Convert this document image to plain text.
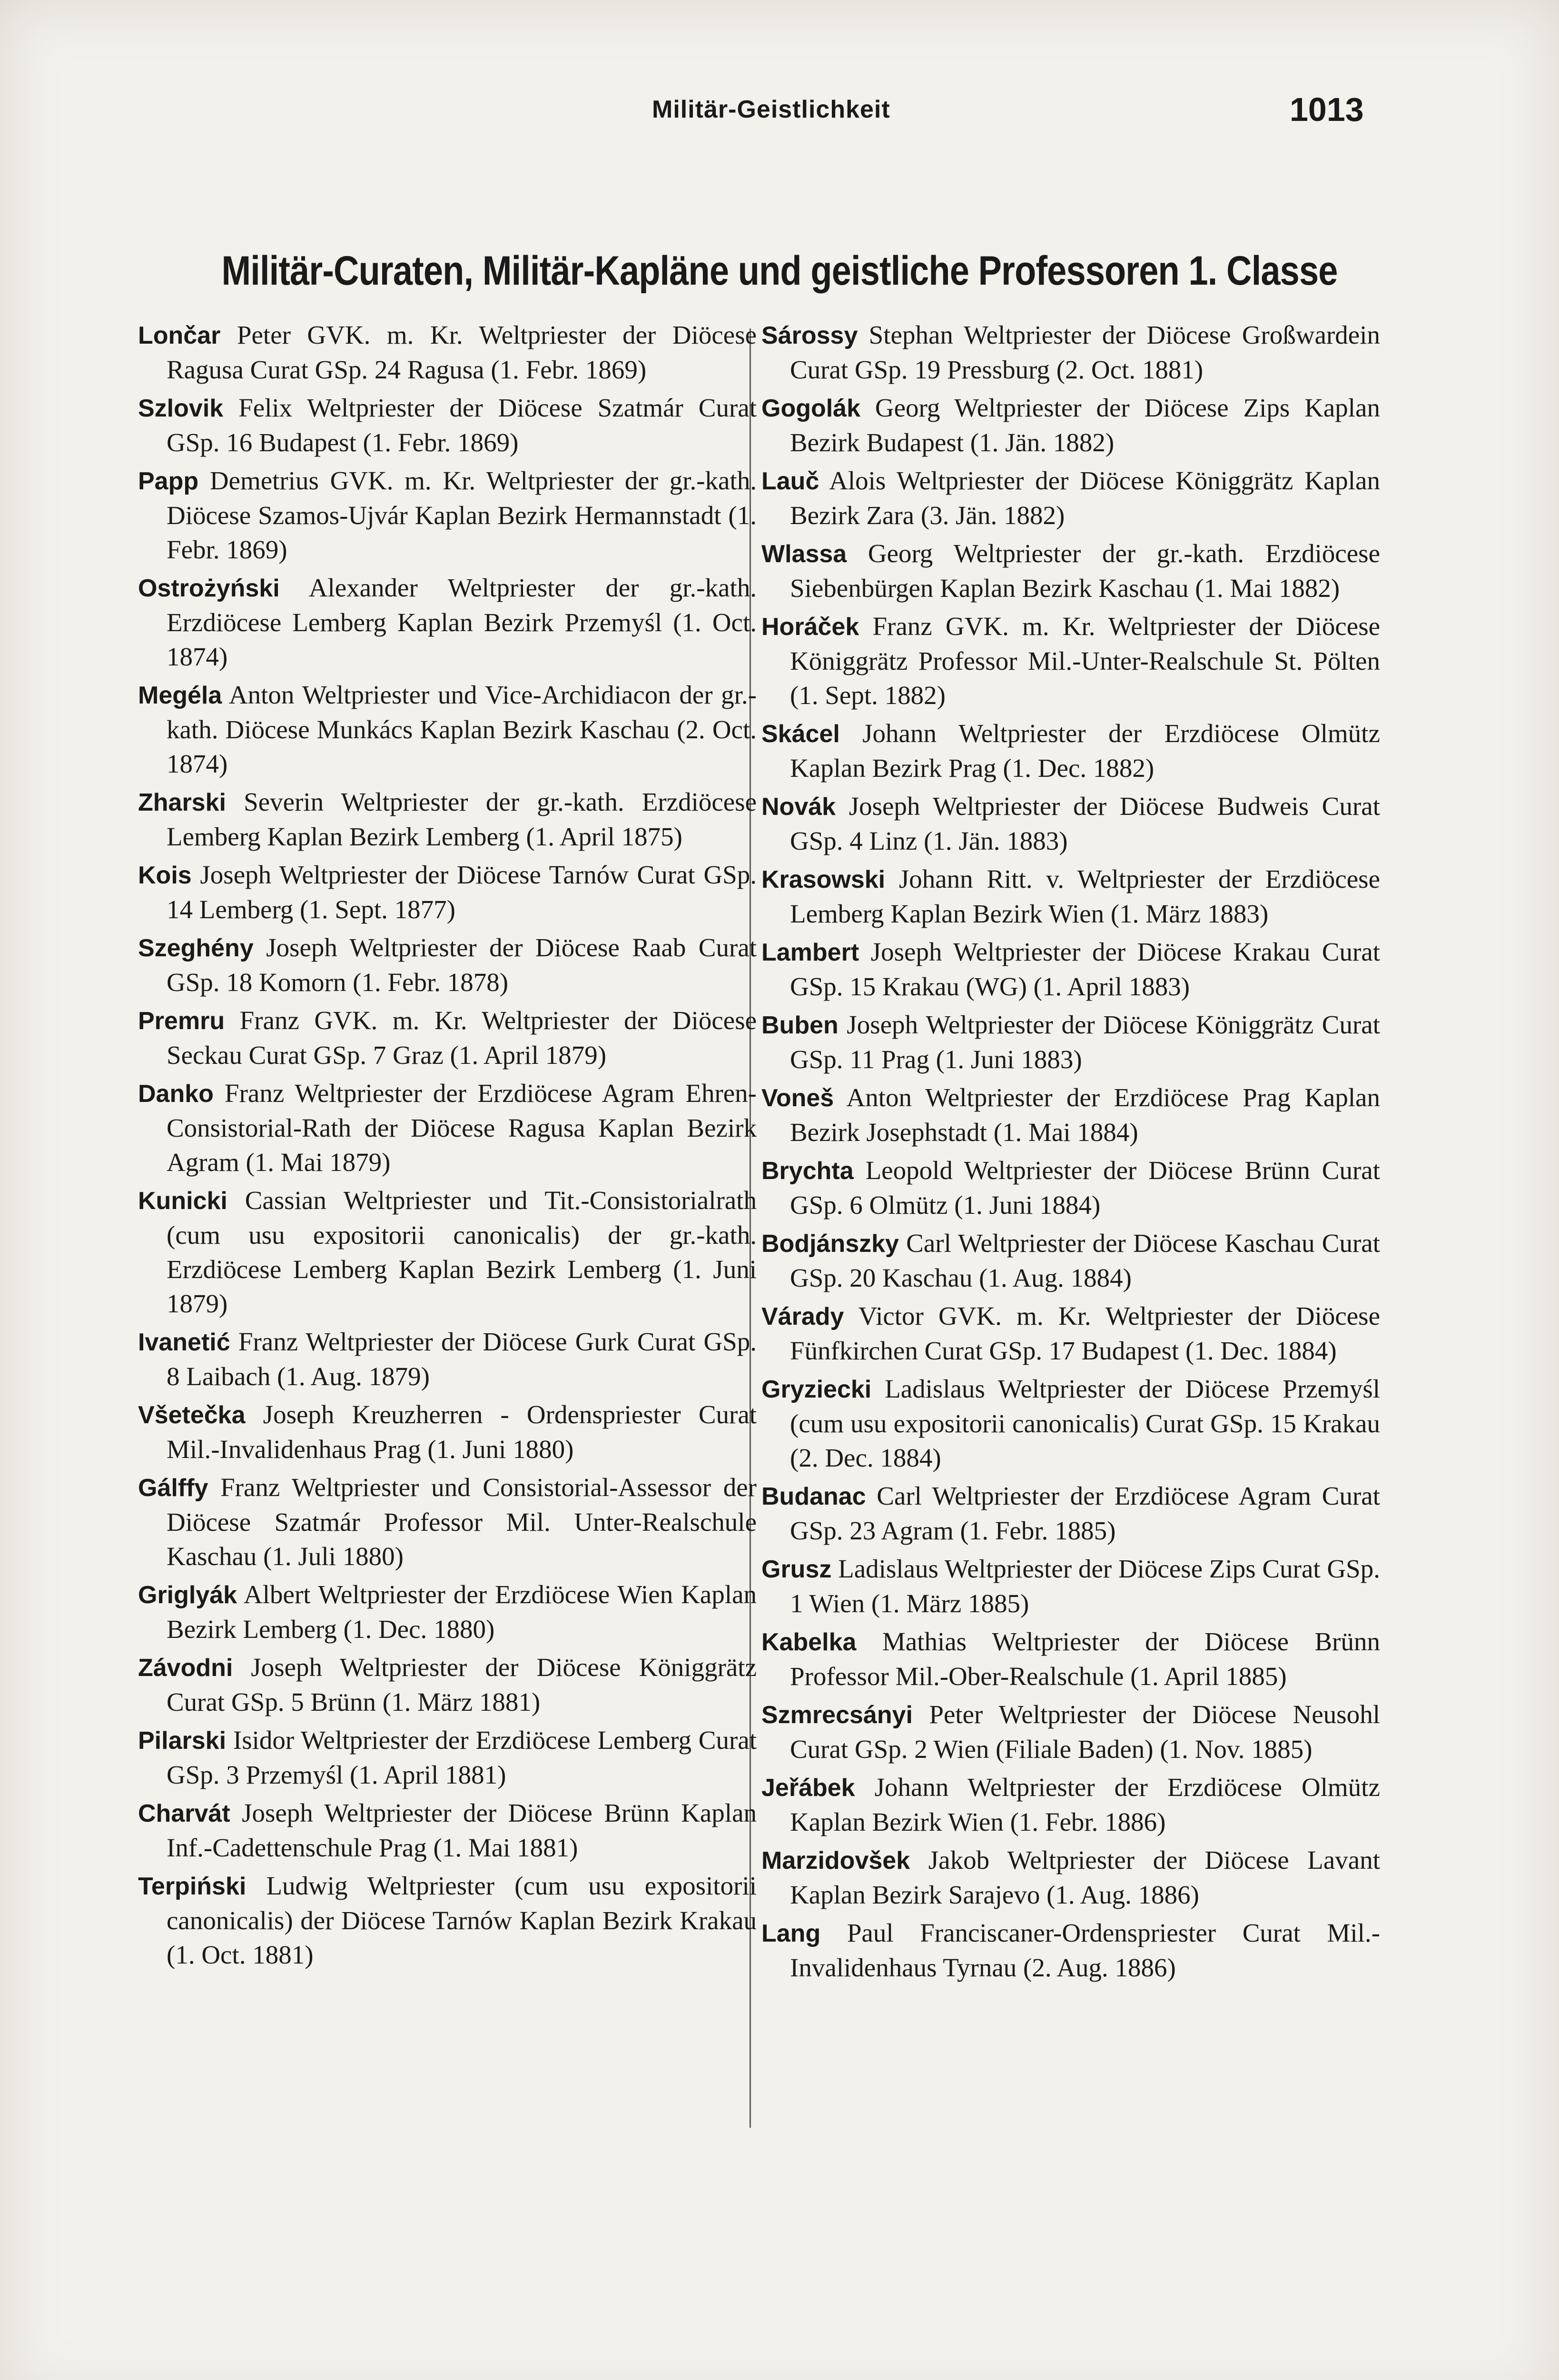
Militär-Geistlichkeit	1013
Militär-Curaten, Militär-Kapläne und geistliche Professoren 1. Classe

Lončar Peter GVK. m. Kr. Weltpriester der Diöcese Ragusa Curat GSp. 24 Ragusa (1. Febr. 1869)

Szlovik Felix Weltpriester der Diöcese Szatmár Curat GSp. 16 Budapest (1. Febr. 1869)

Papp Demetrius GVK. m. Kr. Weltpriester der gr.-kath. Diöcese Szamos-Ujvár Kaplan Bezirk Hermannstadt (1. Febr. 1869)

Ostrożyński Alexander Weltpriester der gr.-kath. Erzdiöcese Lemberg Kaplan Bezirk Przemyśl (1. Oct. 1874)

Megéla Anton Weltpriester und Vice-Archidiacon der gr.-kath. Diöcese Munkács Kaplan Bezirk Kaschau (2. Oct. 1874)

Zharski Severin Weltpriester der gr.-kath. Erzdiöcese Lemberg Kaplan Bezirk Lemberg (1. April 1875)

Kois Joseph Weltpriester der Diöcese Tarnów Curat GSp. 14 Lemberg (1. Sept. 1877)

Szeghény Joseph Weltpriester der Diöcese Raab Curat GSp. 18 Komorn (1. Febr. 1878)

Premru Franz GVK. m. Kr. Weltpriester der Diöcese Seckau Curat GSp. 7 Graz (1. April 1879)

Danko Franz Weltpriester der Erzdiöcese Agram Ehren-Consistorial-Rath der Diöcese Ragusa Kaplan Bezirk Agram (1. Mai 1879)

Kunicki Cassian Weltpriester und Tit.-Consistorialrath (cum usu expositorii canonicalis) der gr.-kath. Erzdiöcese Lemberg Kaplan Bezirk Lemberg (1. Juni 1879)

Ivanetić Franz Weltpriester der Diöcese Gurk Curat GSp. 8 Laibach (1. Aug. 1879)

Všetečka Joseph Kreuzherren - Ordenspriester Curat Mil.-Invalidenhaus Prag (1. Juni 1880)

Gálffy Franz Weltpriester und Consistorial-Assessor der Diöcese Szatmár Professor Mil. Unter-Realschule Kaschau (1. Juli 1880)

Griglyák Albert Weltpriester der Erzdiöcese Wien Kaplan Bezirk Lemberg (1. Dec. 1880)

Závodni Joseph Weltpriester der Diöcese Königgrätz Curat GSp. 5 Brünn (1. März 1881)

Pilarski Isidor Weltpriester der Erzdiöcese Lemberg Curat GSp. 3 Przemyśl (1. April 1881)

Charvát Joseph Weltpriester der Diöcese Brünn Kaplan Inf.-Cadettenschule Prag (1. Mai 1881)

Terpiński Ludwig Weltpriester (cum usu expositorii canonicalis) der Diöcese Tarnów Kaplan Bezirk Krakau (1. Oct. 1881)

Sárossy Stephan Weltpriester der Diöcese Großwardein Curat GSp. 19 Pressburg (2. Oct. 1881)

Gogolák Georg Weltpriester der Diöcese Zips Kaplan Bezirk Budapest (1. Jän. 1882)

Lauč Alois Weltpriester der Diöcese Königgrätz Kaplan Bezirk Zara (3. Jän. 1882)

Wlassa Georg Weltpriester der gr.-kath. Erzdiöcese Siebenbürgen Kaplan Bezirk Kaschau (1. Mai 1882)

Horáček Franz GVK. m. Kr. Weltpriester der Diöcese Königgrätz Professor Mil.-Unter-Realschule St. Pölten (1. Sept. 1882)

Skácel Johann Weltpriester der Erzdiöcese Olmütz Kaplan Bezirk Prag (1. Dec. 1882)

Novák Joseph Weltpriester der Diöcese Budweis Curat GSp. 4 Linz (1. Jän. 1883)

Krasowski Johann Ritt. v. Weltpriester der Erzdiöcese Lemberg Kaplan Bezirk Wien (1. März 1883)

Lambert Joseph Weltpriester der Diöcese Krakau Curat GSp. 15 Krakau (WG) (1. April 1883)

Buben Joseph Weltpriester der Diöcese Königgrätz Curat GSp. 11 Prag (1. Juni 1883)

Voneš Anton Weltpriester der Erzdiöcese Prag Kaplan Bezirk Josephstadt (1. Mai 1884)

Brychta Leopold Weltpriester der Diöcese Brünn Curat GSp. 6 Olmütz (1. Juni 1884)

Bodjánszky Carl Weltpriester der Diöcese Kaschau Curat GSp. 20 Kaschau (1. Aug. 1884)

Várady Victor GVK. m. Kr. Weltpriester der Diöcese Fünfkirchen Curat GSp. 17 Budapest (1. Dec. 1884)

Gryziecki Ladislaus Weltpriester der Diöcese Przemyśl (cum usu expositorii canonicalis) Curat GSp. 15 Krakau (2. Dec. 1884)

Budanac Carl Weltpriester der Erzdiöcese Agram Curat GSp. 23 Agram (1. Febr. 1885)

Grusz Ladislaus Weltpriester der Diöcese Zips Curat GSp. 1 Wien (1. März 1885)

Kabelka Mathias Weltpriester der Diöcese Brünn Professor Mil.-Ober-Realschule (1. April 1885)

Szmrecsányi Peter Weltpriester der Diöcese Neusohl Curat GSp. 2 Wien (Filiale Baden) (1. Nov. 1885)

Jeřábek Johann Weltpriester der Erzdiöcese Olmütz Kaplan Bezirk Wien (1. Febr. 1886)

Marzidovšek Jakob Weltpriester der Diöcese Lavant Kaplan Bezirk Sarajevo (1. Aug. 1886)

Lang Paul Franciscaner-Ordenspriester Curat Mil.-Invalidenhaus Tyrnau (2. Aug. 1886)
